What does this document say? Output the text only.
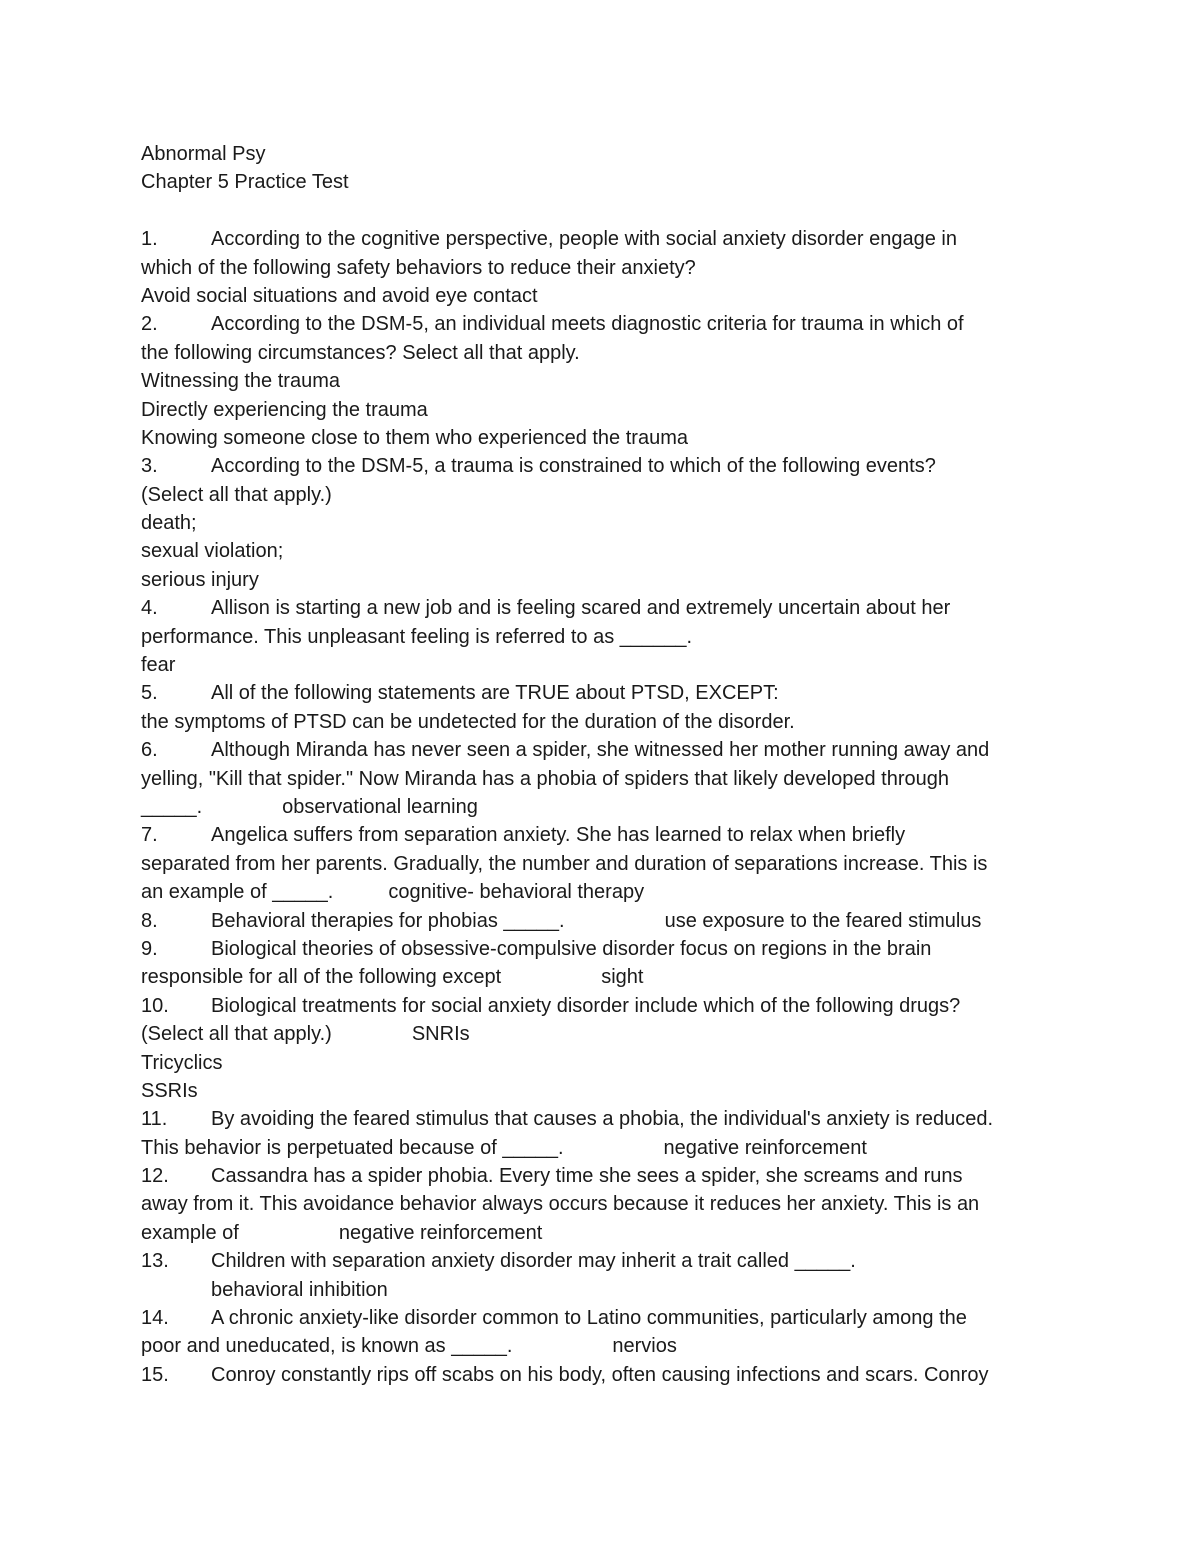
Abnormal Psy
Chapter 5 Practice Test
1.	According to the cognitive perspective, people with social anxiety disorder engage in
which of the following safety behaviors to reduce their anxiety?
Avoid social situations and avoid eye contact
2.	According to the DSM-5, an individual meets diagnostic criteria for trauma in which of
the following circumstances? Select all that apply.
Witnessing the trauma
Directly experiencing the trauma
Knowing someone close to them who experienced the trauma
3.	According to the DSM-5, a trauma is constrained to which of the following events?
(Select all that apply.)
death;
sexual violation;
serious injury
4.	Allison is starting a new job and is feeling scared and extremely uncertain about her
performance. This unpleasant feeling is referred to as ______.
fear
5.	All of the following statements are TRUE about PTSD, EXCEPT:
the symptoms of PTSD can be undetected for the duration of the disorder.
6.	Although Miranda has never seen a spider, she witnessed her mother running away and
yelling, "Kill that spider." Now Miranda has a phobia of spiders that likely developed through
_____.	observational learning
7.	Angelica suffers from separation anxiety. She has learned to relax when briefly
separated from her parents. Gradually, the number and duration of separations increase. This is
an example of _____.	cognitive- behavioral therapy
8.	Behavioral therapies for phobias _____.	use exposure to the feared stimulus
9.	Biological theories of obsessive-compulsive disorder focus on regions in the brain
responsible for all of the following except	sight
10. Biological treatments for social anxiety disorder include which of the following drugs?
(Select all that apply.)	SNRIs
Tricyclics
SSRIs
11. By avoiding the feared stimulus that causes a phobia, the individual's anxiety is reduced.
This behavior is perpetuated because of _____.	negative reinforcement
12. Cassandra has a spider phobia. Every time she sees a spider, she screams and runs
away from it. This avoidance behavior always occurs because it reduces her anxiety. This is an
example of	negative reinforcement
13. Children with separation anxiety disorder may inherit a trait called _____.
behavioral inhibition
14. A chronic anxiety-like disorder common to Latino communities, particularly among the
poor and uneducated, is known as _____.	nervios
15. Conroy constantly rips off scabs on his body, often causing infections and scars. Conroy
